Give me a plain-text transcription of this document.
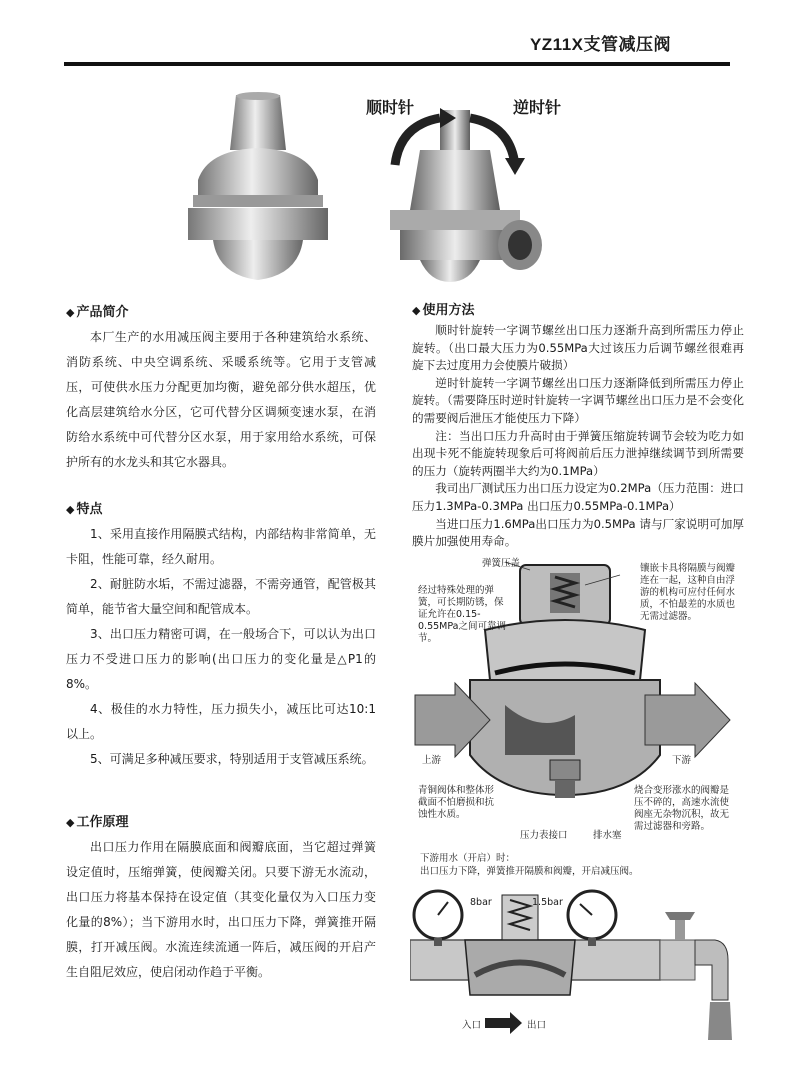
YZ11X支管减压阀
顺时针	逆时针
◆ 产品简介

本厂生产的水用减压阀主要用于各种建筑给水系统、消防系统、中央空调系统、采暖系统等。它用于支管减压，可使供水压力分配更加均衡，避免部分供水超压，优化高层建筑给水分区，它可代替分区调频变速水泵，在消防给水系统中可代替分区水泵，用于家用给水系统，可保护所有的水龙头和其它水器具。

◆ 特点

1、采用直接作用隔膜式结构，内部结构非常简单，无卡阻，性能可靠，经久耐用。

2、耐脏防水垢，不需过滤器，不需旁通管，配管极其简单，能节省大量空间和配管成本。

3、出口压力精密可调，在一般场合下，可以认为出口压力不受进口压力的影响(出口压力的变化量是△P1的8%。

4、极佳的水力特性，压力损失小，减压比可达10:1以上。

5、可满足多种减压要求，特别适用于支管减压系统。

◆ 工作原理

出口压力作用在隔膜底面和阀瓣底面，当它超过弹簧设定值时，压缩弹簧，使阀瓣关闭。只要下游无水流动，出口压力将基本保持在设定值（其变化量仅为入口压力变化量的8%）；当下游用水时，出口压力下降，弹簧推开隔膜，打开减压阀。水流连续流通一阵后，减压阀的开启产生自阻尼效应，使启闭动作趋于平衡。

◆ 使用方法

顺时针旋转一字调节螺丝出口压力逐渐升高到所需压力停止旋转。（出口最大压力为0.55MPa大过该压力后调节螺丝很难再旋下去过度用力会使膜片破损）

逆时针旋转一字调节螺丝出口压力逐渐降低到所需压力停止旋转。（需要降压时逆时针旋转一字调节螺丝出口压力是不会变化的需要阀后泄压才能使压力下降）

注：当出口压力升高时由于弹簧压缩旋转调节会较为吃力如出现卡死不能旋转现象后可将阀前后压力泄掉继续调节到所需要的压力（旋转两圈半大约为0.1MPa）

我司出厂测试压力出口压力设定为0.2MPa（压力范围：进口压力1.3MPa-0.3MPa 出口压力0.55MPa-0.1MPa）

当进口压力1.6MPa出口压力为0.5MPa 请与厂家说明可加厚膜片加强使用寿命。

弹簧压盖
经过特殊处理的弹簧，可长期防锈，保证允许在0.15-0.55MPa之间可靠调节。
镶嵌卡具将隔膜与阀瓣连在一起，这种自由浮游的机构可应付任何水质，不怕最差的水质也无需过滤器。
上游	下游
青铜阀体和整体形截面不怕磨损和抗蚀性水质。
烧合变形涨水的阀瓣是压不碎的，高速水流使阀座无杂物沉积，故无需过滤器和旁路。
压力表接口	排水塞
下游用水（开启）时：
出口压力下降，弹簧推开隔膜和阀瓣，开启减压阀。
8bar	1.5bar
入口	出口
